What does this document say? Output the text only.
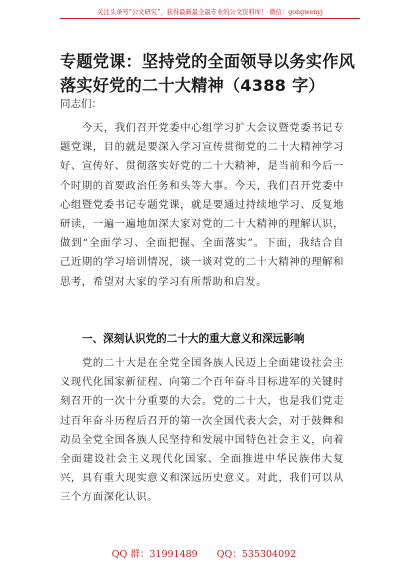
关注头条号“公文研究”，获得最新最全最专业的公文资料库！ 微信：gongwenyj
专题党课：坚持党的全面领导以务实作风落实好党的二十大精神（4388 字）
同志们：

今天，我们召开党委中心组学习扩大会议暨党委书记专题党课，目的就是要深入学习宣传贯彻党的二十大精神学习好、宣传好、贯彻落实好党的二十大精神，是当前和今后一个时期的首要政治任务和头等大事。今天，我们召开党委中心组暨党委书记专题党课，就是要通过持续地学习、反复地研读，一遍一遍地加深大家对党的二十大精神的理解认识，做到“全面学习、全面把握、全面落实”。下面，我结合自己近期的学习培训情况，谈一谈对党的二十大精神的理解和思考，希望对大家的学习有所帮助和启发。

一、深刻认识党的二十大的重大意义和深远影响

党的二十大是在全党全国各族人民迈上全面建设社会主义现代化国家新征程、向第二个百年奋斗目标进军的关键时刻召开的一次十分重要的大会。党的二十大，也是我们党走过百年奋斗历程后召开的第一次全国代表大会，对于鼓舞和动员全党全国各族人民坚持和发展中国特色社会主义，向着全面建设社会主义现代化国家、全面推进中华民族伟大复兴，具有重大现实意义和深远历史意义。对此，我们可以从三个方面深化认识。

QQ 群：31991489 QQ：535304092
